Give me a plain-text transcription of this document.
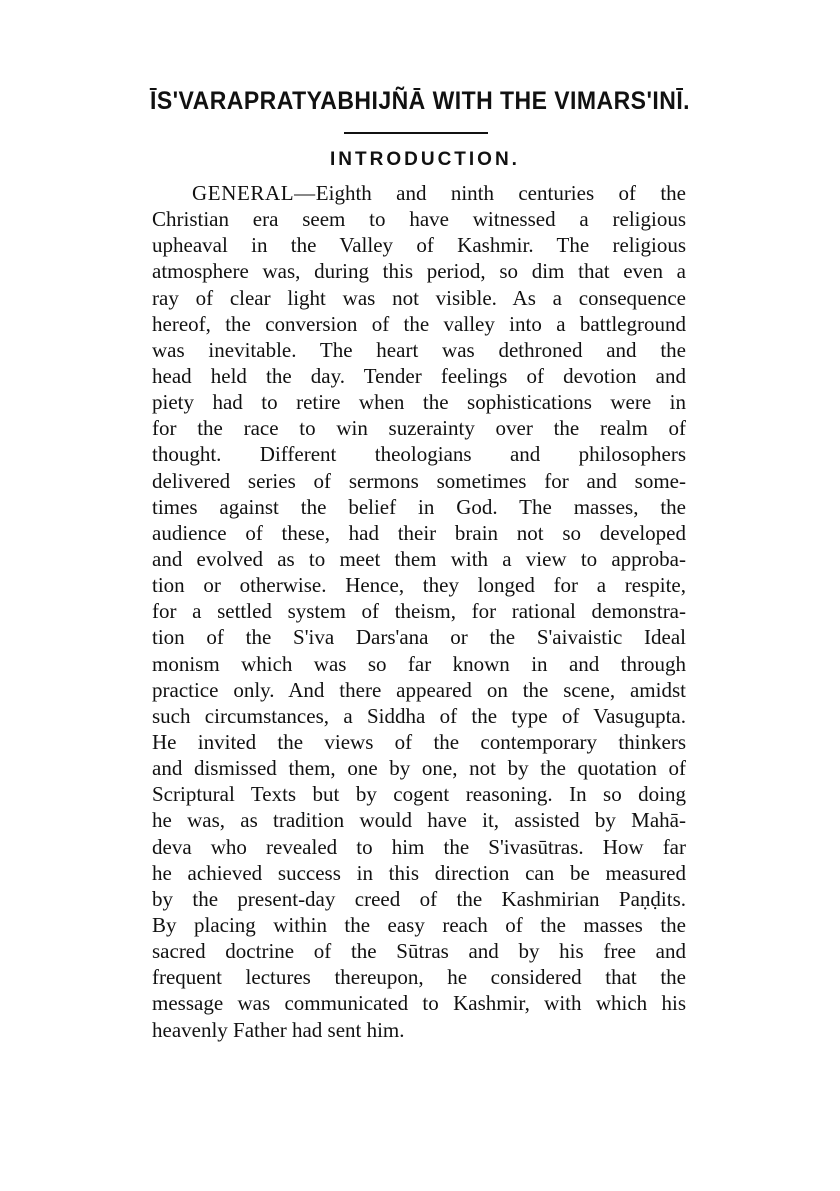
ĪS'VARAPRATYABHIJÑĀ WITH THE VIMARS'INĪ.
INTRODUCTION.
GENERAL—Eighth and ninth centuries of the
Christian era seem to have witnessed a religious
upheaval in the Valley of Kashmir. The religious
atmosphere was, during this period, so dim that even a
ray of clear light was not visible. As a consequence
hereof, the conversion of the valley into a battleground
was inevitable. The heart was dethroned and the
head held the day. Tender feelings of devotion and
piety had to retire when the sophistications were in
for the race to win suzerainty over the realm of
thought. Different theologians and philosophers
delivered series of sermons sometimes for and some-
times against the belief in God. The masses, the
audience of these, had their brain not so developed
and evolved as to meet them with a view to approba-
tion or otherwise. Hence, they longed for a respite,
for a settled system of theism, for rational demonstra-
tion of the S'iva Dars'ana or the S'aivaistic Ideal
monism which was so far known in and through
practice only. And there appeared on the scene, amidst
such circumstances, a Siddha of the type of Vasugupta.
He invited the views of the contemporary thinkers
and dismissed them, one by one, not by the quotation of
Scriptural Texts but by cogent reasoning. In so doing
he was, as tradition would have it, assisted by Mahā-
deva who revealed to him the S'ivasūtras. How far
he achieved success in this direction can be measured
by the present-day creed of the Kashmirian Paṇḍits.
By placing within the easy reach of the masses the
sacred doctrine of the Sūtras and by his free and
frequent lectures thereupon, he considered that the
message was communicated to Kashmir, with which his
heavenly Father had sent him.
